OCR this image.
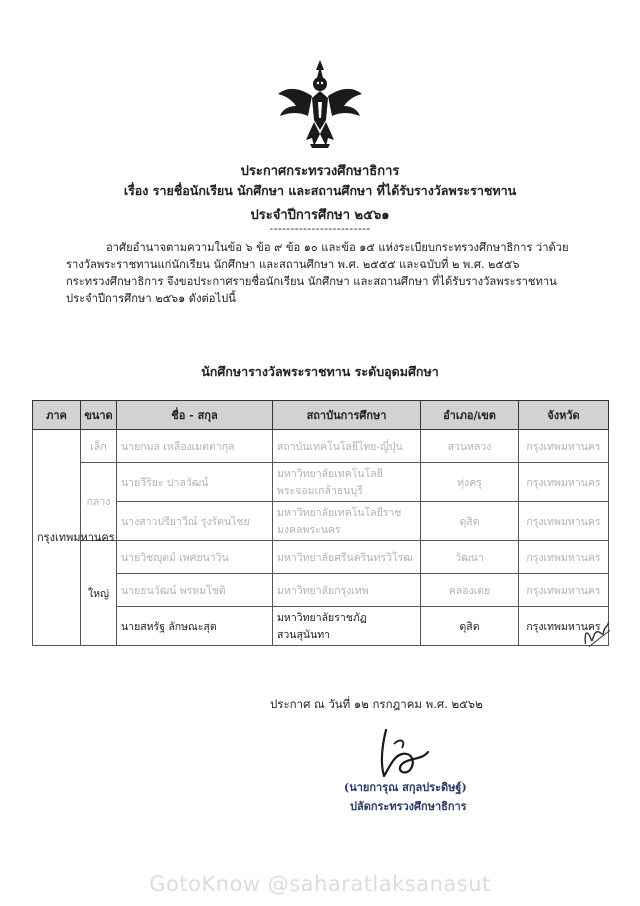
ประกาศกระทรวงศึกษาธิการ
เรื่อง รายชื่อนักเรียน นักศึกษา และสถานศึกษา ที่ได้รับรางวัลพระราชทาน
ประจำปีการศึกษา ๒๕๖๑
------------------------
อาศัยอำนาจตามความในข้อ ๖ ข้อ ๙ ข้อ ๑๐ และข้อ ๑๕ แห่งระเบียบกระทรวงศึกษาธิการ ว่าด้วย
รางวัลพระราชทานแก่นักเรียน นักศึกษา และสถานศึกษา พ.ศ. ๒๕๕๕ และฉบับที่ ๒ พ.ศ. ๒๕๕๖
กระทรวงศึกษาธิการ จึงขอประกาศรายชื่อนักเรียน นักศึกษา และสถานศึกษา ที่ได้รับรางวัลพระราชทาน
ประจำปีการศึกษา ๒๕๖๑ ดังต่อไปนี้
นักศึกษารางวัลพระราชทาน ระดับอุดมศึกษา
ภาค	ขนาด	ชื่อ - สกุล	สถาบันการศึกษา	อำเภอ/เขต	จังหวัด
กรุงเทพมหานคร	เล็ก	นายกมล เหลืองเมตตากุล	สถาบันเทคโนโลยีไทย-ญี่ปุ่น	สวนหลวง	กรุงเทพมหานคร
	กลาง	นายวีริยะ ปาลวัฒน์	มหาวิทยาลัยเทคโนโลยีพระจอมเกล้าธนบุรี	ทุ่งครุ	กรุงเทพมหานคร
		นางสาวปรียาวีณ์ รุ่งรัตนไชย	มหาวิทยาลัยเทคโนโลยีราชมงคลพระนคร	ดุสิต	กรุงเทพมหานคร
	ใหญ่	นายวิชญุตม์ เพศยนาวิน	มหาวิทยาลัยศรีนครินทรวิโรฒ	วัฒนา	กรุงเทพมหานคร
		นายธนวัฒน์ พรหมโชติ	มหาวิทยาลัยกรุงเทพ	คลองเตย	กรุงเทพมหานคร
		นายสหรัฐ ลักษณะสุต	มหาวิทยาลัยราชภัฏสวนสุนันทา	ดุสิต	กรุงเทพมหานคร
ประกาศ ณ วันที่ ๑๒ กรกฎาคม พ.ศ. ๒๕๖๒
(นายการุณ สกุลประดิษฐ์)
ปลัดกระทรวงศึกษาธิการ
GotoKnow @saharatlaksanasut
